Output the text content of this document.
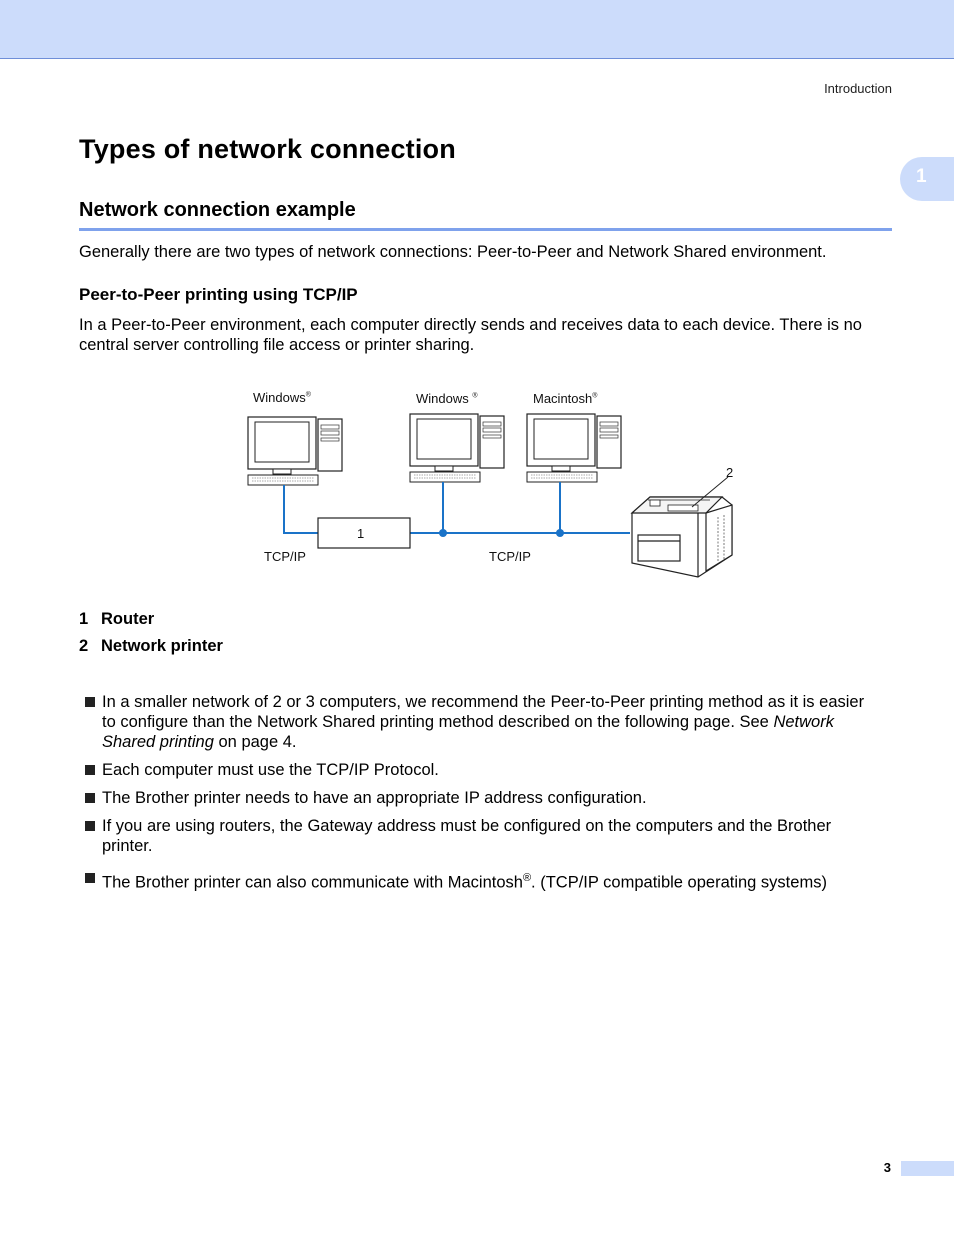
Introduction
1
Types of network connection
Network connection example

Generally there are two types of network connections: Peer-to-Peer and Network Shared environment.

Peer-to-Peer printing using TCP/IP

In a Peer-to-Peer environment, each computer directly sends and receives data to each device. There is no
central server controlling file access or printer sharing.

Windows®	Windows ®	Macintosh®
1
2
TCP/IP	TCP/IP
1 Router
2 Network printer
In a smaller network of 2 or 3 computers, we recommend the Peer-to-Peer printing method as it is easier
to configure than the Network Shared printing method described on the following page. See Network
Shared printing on page 4.
Each computer must use the TCP/IP Protocol.
The Brother printer needs to have an appropriate IP address configuration.
If you are using routers, the Gateway address must be configured on the computers and the Brother
printer.
The Brother printer can also communicate with Macintosh®. (TCP/IP compatible operating systems)
3
